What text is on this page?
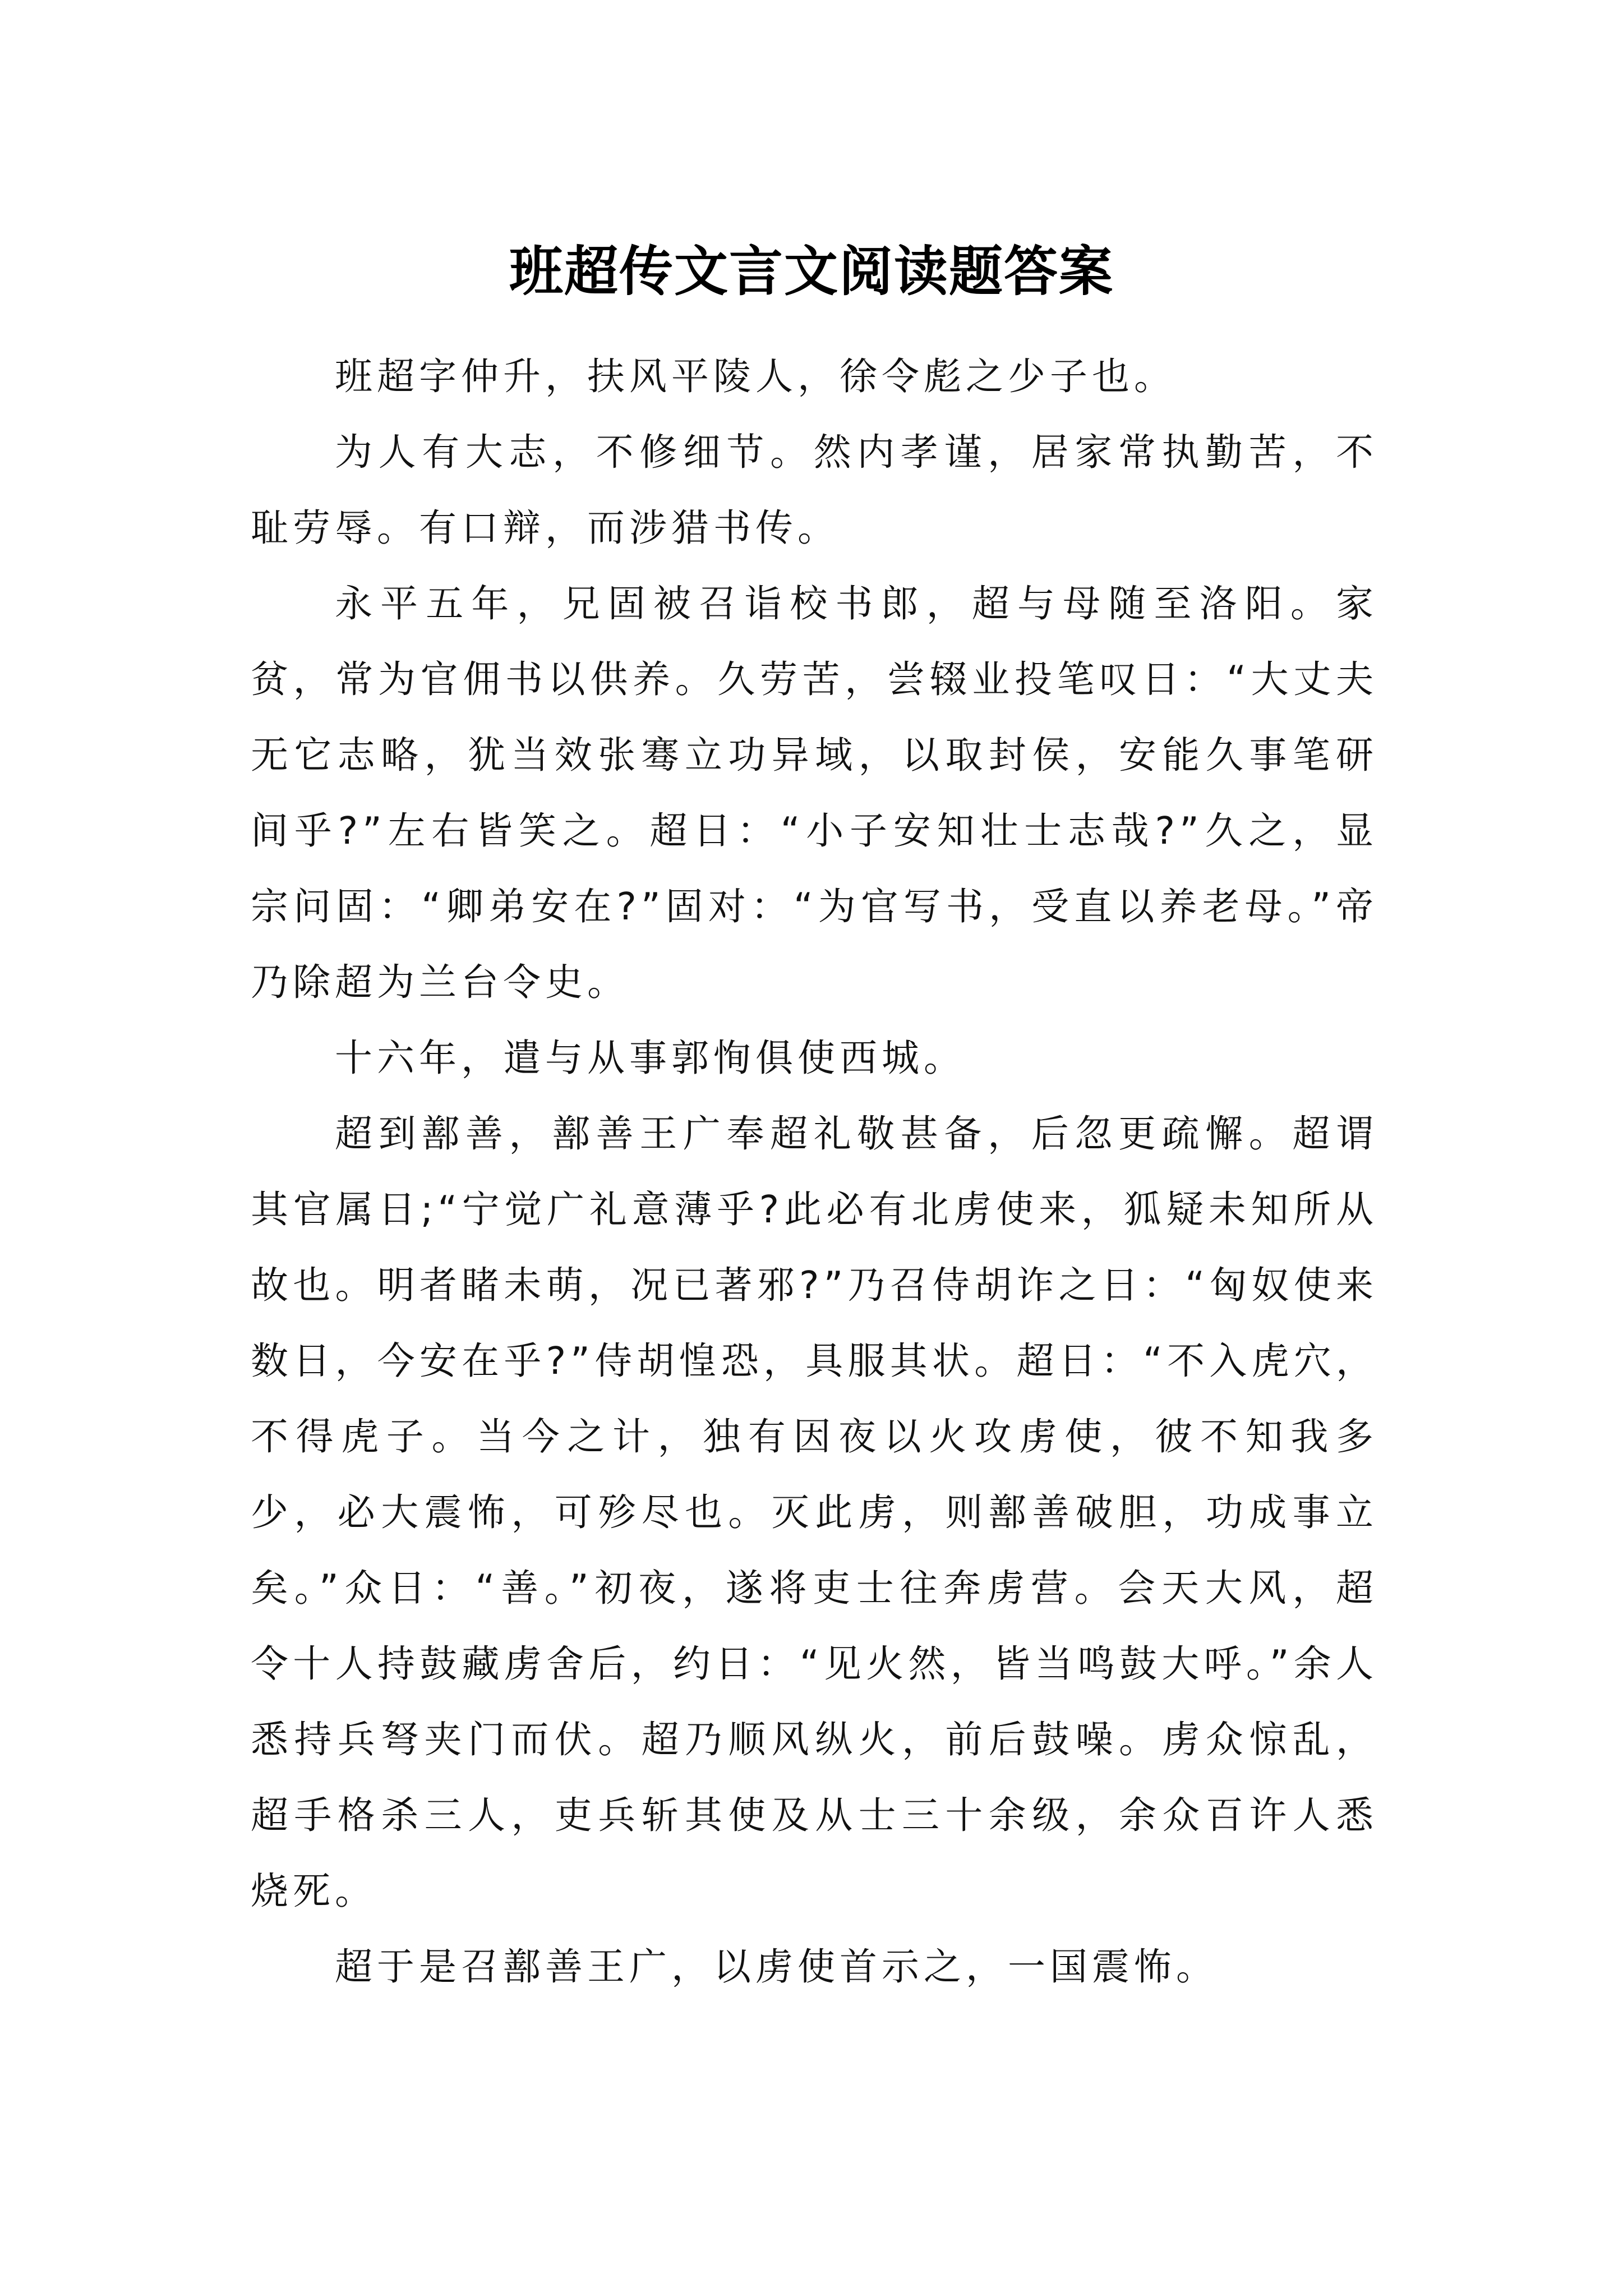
班超传文言文阅读题答案

班超字仲升，扶风平陵人，徐令彪之少子也。

为人有大志，不修细节。然内孝谨，居家常执勤苦，不耻劳辱。有口辩，而涉猎书传。

永平五年，兄固被召诣校书郎，超与母随至洛阳。家贫，常为官佣书以供养。久劳苦，尝辍业投笔叹日：“大丈夫无它志略，犹当效张骞立功异域，以取封侯，安能久事笔研间乎?”左右皆笑之。超日：“小子安知壮士志哉?”久之，显宗问固：“卿弟安在?”固对：“为官写书，受直以养老母。”帝乃除超为兰台令史。

十六年，遣与从事郭恂俱使西城。

超到鄯善，鄯善王广奉超礼敬甚备，后忽更疏懈。超谓其官属日;“宁觉广礼意薄乎?此必有北虏使来，狐疑未知所从故也。明者睹未萌，况已著邪?”乃召侍胡诈之日：“匈奴使来数日，今安在乎?”侍胡惶恐，具服其状。超日：“不入虎穴，不得虎子。当今之计，独有因夜以火攻虏使，彼不知我多少，必大震怖，可殄尽也。灭此虏，则鄯善破胆，功成事立矣。”众日：“善。”初夜，遂将吏士往奔虏营。会天大风，超令十人持鼓藏虏舍后，约日：“见火然，皆当鸣鼓大呼。”余人悉持兵弩夹门而伏。超乃顺风纵火，前后鼓噪。虏众惊乱，超手格杀三人，吏兵斩其使及从士三十余级，余众百许人悉烧死。

超于是召鄯善王广，以虏使首示之，一国震怖。
